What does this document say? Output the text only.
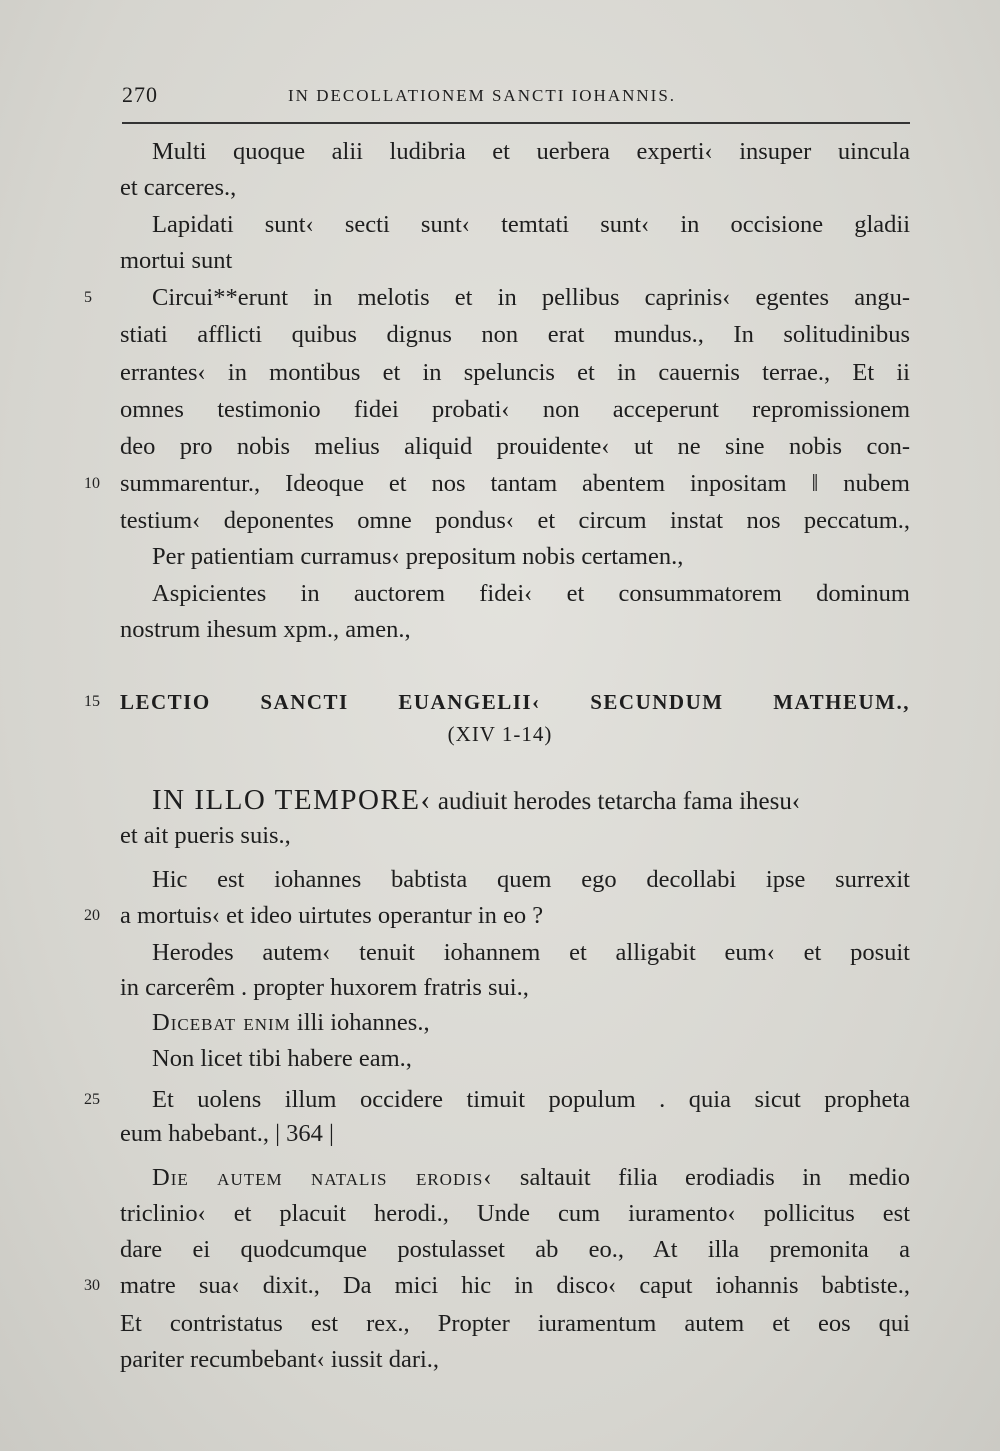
270	IN DECOLLATIONEM SANCTI IOHANNIS.
Multi quoque alii ludibria et uerbera experti‹ insuper uincula
et carceres.,
Lapidati sunt‹ secti sunt‹ temtati sunt‹ in occisione gladii
mortui sunt
5	Circui**erunt in melotis et in pellibus caprinis‹ egentes angu-
stiati afflicti quibus dignus non erat mundus., In solitudinibus
errantes‹ in montibus et in speluncis et in cauernis terrae., Et ii
omnes testimonio fidei probati‹ non acceperunt repromissionem
deo pro nobis melius aliquid prouidente‹ ut ne sine nobis con-
10 summarentur., Ideoque et nos tantam abentem inpositam ‖ nubem
testium‹ deponentes omne pondus‹ et circum instat nos peccatum.,
Per patientiam curramus‹ prepositum nobis certamen.,
Aspicientes in auctorem fidei‹ et consummatorem dominum
nostrum ihesum xpm., amen.,
15 LECTIO SANCTI EUANGELII‹ SECUNDUM MATHEUM.,
(XIV 1-14)
IN ILLO TEMPORE‹ audiuit herodes tetarcha fama ihesu‹
et ait pueris suis.,
Hic est iohannes babtista quem ego decollabi ipse surrexit
20 a mortuis‹ et ideo uirtutes operantur in eo ?
Herodes autem‹ tenuit iohannem et alligabit eum‹ et posuit
in carcerêm . propter huxorem fratris sui.,
Dicebat enim illi iohannes.,
Non licet tibi habere eam.,
25	Et uolens illum occidere timuit populum . quia sicut propheta
eum habebant., | 364 |
Die autem natalis erodis‹ saltauit filia erodiadis in medio
triclinio‹ et placuit herodi., Unde cum iuramento‹ pollicitus est
dare ei quodcumque postulasset ab eo., At illa premonita a
30 matre sua‹ dixit., Da mici hic in disco‹ caput iohannis babtiste.,
Et contristatus est rex., Propter iuramentum autem et eos qui
pariter recumbebant‹ iussit dari.,
